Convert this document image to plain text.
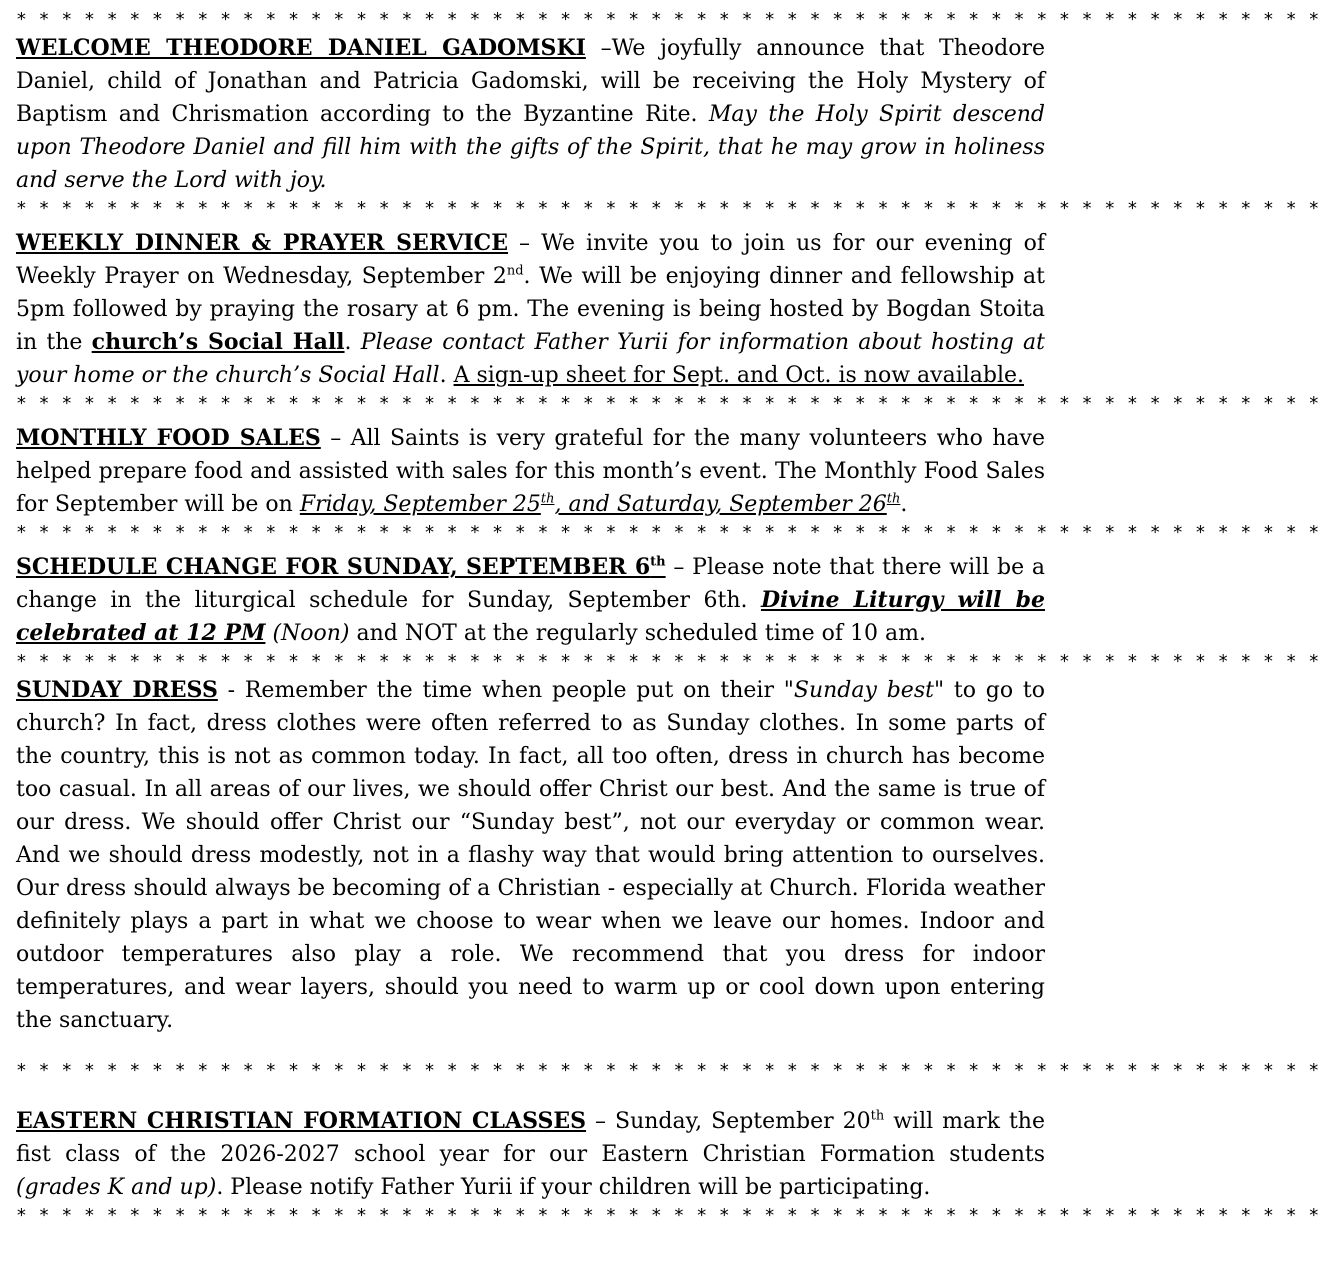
* * * * * * * * * * * * * * * * * * * * * * * * * * * * * * * * * * * * * * * * * * * * * * * * * * * * * * * * * *

WELCOME THEODORE DANIEL GADOMSKI –We joyfully announce that Theodore Daniel, child of Jonathan and Patricia Gadomski, will be receiving the Holy Mystery of Baptism and Chrismation according to the Byzantine Rite. May the Holy Spirit descend upon Theodore Daniel and fill him with the gifts of the Spirit, that he may grow in holiness and serve the Lord with joy.

* * * * * * * * * * * * * * * * * * * * * * * * * * * * * * * * * * * * * * * * * * * * * * * * * * * * * * * * * *

WEEKLY DINNER & PRAYER SERVICE – We invite you to join us for our evening of Weekly Prayer on Wednesday, September 2nd. We will be enjoying dinner and fellowship at 5pm followed by praying the rosary at 6 pm. The evening is being hosted by Bogdan Stoita in the church’s Social Hall. Please contact Father Yurii for information about hosting at your home or the church’s Social Hall. A sign-up sheet for Sept. and Oct. is now available.

* * * * * * * * * * * * * * * * * * * * * * * * * * * * * * * * * * * * * * * * * * * * * * * * * * * * * * * * * *

MONTHLY FOOD SALES – All Saints is very grateful for the many volunteers who have helped prepare food and assisted with sales for this month’s event. The Monthly Food Sales for September will be on Friday, September 25th, and Saturday, September 26th.

* * * * * * * * * * * * * * * * * * * * * * * * * * * * * * * * * * * * * * * * * * * * * * * * * * * * * * * * * *

SCHEDULE CHANGE FOR SUNDAY, SEPTEMBER 6th – Please note that there will be a change in the liturgical schedule for Sunday, September 6th. Divine Liturgy will be celebrated at 12 PM (Noon) and NOT at the regularly scheduled time of 10 am.

* * * * * * * * * * * * * * * * * * * * * * * * * * * * * * * * * * * * * * * * * * * * * * * * * * * * * * * * * *

SUNDAY DRESS - Remember the time when people put on their "Sunday best" to go to church? In fact, dress clothes were often referred to as Sunday clothes. In some parts of the country, this is not as common today. In fact, all too often, dress in church has become too casual. In all areas of our lives, we should offer Christ our best. And the same is true of our dress. We should offer Christ our “Sunday best”, not our everyday or common wear. And we should dress modestly, not in a flashy way that would bring attention to ourselves. Our dress should always be becoming of a Christian - especially at Church. Florida weather definitely plays a part in what we choose to wear when we leave our homes. Indoor and outdoor temperatures also play a role. We recommend that you dress for indoor temperatures, and wear layers, should you need to warm up or cool down upon entering the sanctuary.

* * * * * * * * * * * * * * * * * * * * * * * * * * * * * * * * * * * * * * * * * * * * * * * * * * * * * * * * * *

EASTERN CHRISTIAN FORMATION CLASSES – Sunday, September 20th will mark the fist class of the 2026-2027 school year for our Eastern Christian Formation students (grades K and up). Please notify Father Yurii if your children will be participating.

* * * * * * * * * * * * * * * * * * * * * * * * * * * * * * * * * * * * * * * * * * * * * * * * * * * * * * * * * *
